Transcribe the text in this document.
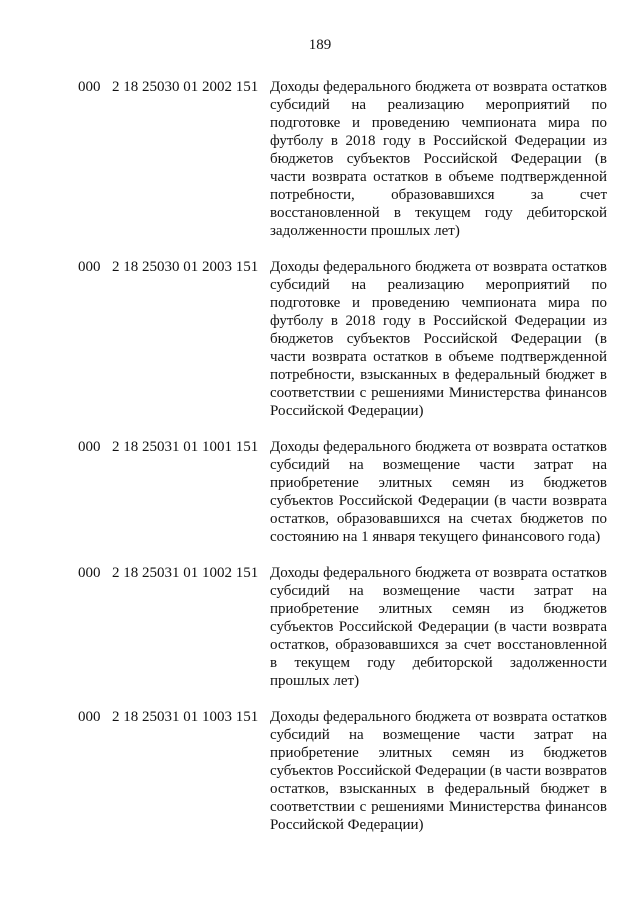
189
000 2 18 25030 01 2002 151 Доходы федерального бюджета от возврата остатков субсидий на реализацию мероприятий по подготовке и проведению чемпионата мира по футболу в 2018 году в Российской Федерации из бюджетов субъектов Российской Федерации (в части возврата остатков в объеме подтвержденной потребности, образовавшихся за счет восстановленной в текущем году дебиторской задолженности прошлых лет)
000 2 18 25030 01 2003 151 Доходы федерального бюджета от возврата остатков субсидий на реализацию мероприятий по подготовке и проведению чемпионата мира по футболу в 2018 году в Российской Федерации из бюджетов субъектов Российской Федерации (в части возврата остатков в объеме подтвержденной потребности, взысканных в федеральный бюджет в соответствии с решениями Министерства финансов Российской Федерации)
000 2 18 25031 01 1001 151 Доходы федерального бюджета от возврата остатков субсидий на возмещение части затрат на приобретение элитных семян из бюджетов субъектов Российской Федерации (в части возврата остатков, образовавшихся на счетах бюджетов по состоянию на 1 января текущего финансового года)
000 2 18 25031 01 1002 151 Доходы федерального бюджета от возврата остатков субсидий на возмещение части затрат на приобретение элитных семян из бюджетов субъектов Российской Федерации (в части возврата остатков, образовавшихся за счет восстановленной в текущем году дебиторской задолженности прошлых лет)
000 2 18 25031 01 1003 151 Доходы федерального бюджета от возврата остатков субсидий на возмещение части затрат на приобретение элитных семян из бюджетов субъектов Российской Федерации (в части возвратов остатков, взысканных в федеральный бюджет в соответствии с решениями Министерства финансов Российской Федерации)
